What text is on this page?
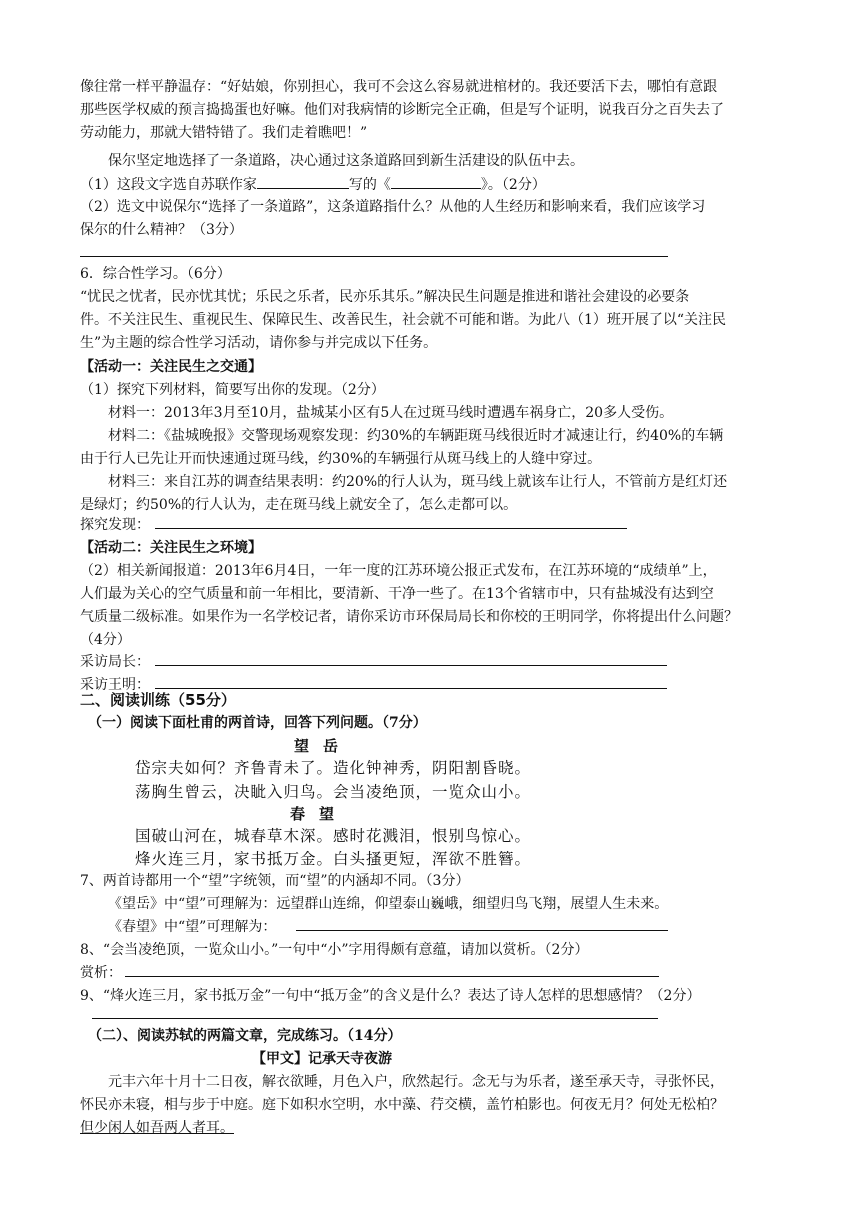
像往常一样平静温存：“好姑娘，你别担心，我可不会这么容易就进棺材的。我还要活下去，哪怕有意跟
那些医学权威的预言捣捣蛋也好嘛。他们对我病情的诊断完全正确，但是写个证明，说我百分之百失去了
劳动能力，那就大错特错了。我们走着瞧吧！”
保尔坚定地选择了一条道路，决心通过这条道路回到新生活建设的队伍中去。
（1）这段文字选自苏联作家	写的《	》。（2分）
（2）选文中说保尔“选择了一条道路”，这条道路指什么？从他的人生经历和影响来看，我们应该学习
保尔的什么精神？（3分）
6．综合性学习。（6分）
“忧民之忧者，民亦忧其忧；乐民之乐者，民亦乐其乐。”解决民生问题是推进和谐社会建设的必要条
件。不关注民生、重视民生、保障民生、改善民生，社会就不可能和谐。为此八（1）班开展了以“关注民
生”为主题的综合性学习活动，请你参与并完成以下任务。
【活动一：关注民生之交通】
（1）探究下列材料，简要写出你的发现。（2分）
材料一：2013年3月至10月，盐城某小区有5人在过斑马线时遭遇车祸身亡，20多人受伤。
材料二：《盐城晚报》交警现场观察发现：约30%的车辆距斑马线很近时才减速让行，约40%的车辆
由于行人已先让开而快速通过斑马线，约30%的车辆强行从斑马线上的人缝中穿过。
材料三：来自江苏的调查结果表明：约20%的行人认为，斑马线上就该车让行人，不管前方是红灯还
是绿灯；约50%的行人认为，走在斑马线上就安全了，怎么走都可以。
探究发现：
【活动二：关注民生之环境】
（2）相关新闻报道：2013年6月4日，一年一度的江苏环境公报正式发布，在江苏环境的“成绩单”上，
人们最为关心的空气质量和前一年相比，要清新、干净一些了。在13个省辖市中，只有盐城没有达到空
气质量二级标准。如果作为一名学校记者，请你采访市环保局局长和你校的王明同学，你将提出什么问题？
（4分）
采访局长：
采访王明：
二、阅读训练（55分）
（一）阅读下面杜甫的两首诗，回答下列问题。（7分）
望岳
岱宗夫如何？齐鲁青未了。造化钟神秀，阴阳割昏晓。
荡胸生曾云，决眦入归鸟。会当凌绝顶，一览众山小。
春望
国破山河在，城春草木深。感时花溅泪，恨别鸟惊心。
烽火连三月，家书抵万金。白头搔更短，浑欲不胜簪。
7、两首诗都用一个“望”字统领，而“望”的内涵却不同。（3分）
《望岳》中“望”可理解为：远望群山连绵，仰望泰山巍峨，细望归鸟飞翔，展望人生未来。
《春望》中“望”可理解为：
8、“会当凌绝顶，一览众山小。”一句中“小”字用得颇有意蕴，请加以赏析。（2分）
赏析：
9、“烽火连三月，家书抵万金”一句中“抵万金”的含义是什么？表达了诗人怎样的思想感情？（2分）
（二）、阅读苏轼的两篇文章，完成练习。（14分）
【甲文】记承天寺夜游
元丰六年十月十二日夜，解衣欲睡，月色入户，欣然起行。念无与为乐者，遂至承天寺，寻张怀民，
怀民亦未寝，相与步于中庭。庭下如积水空明，水中藻、荇交横，盖竹柏影也。何夜无月？何处无松柏？
但少闲人如吾两人者耳。
